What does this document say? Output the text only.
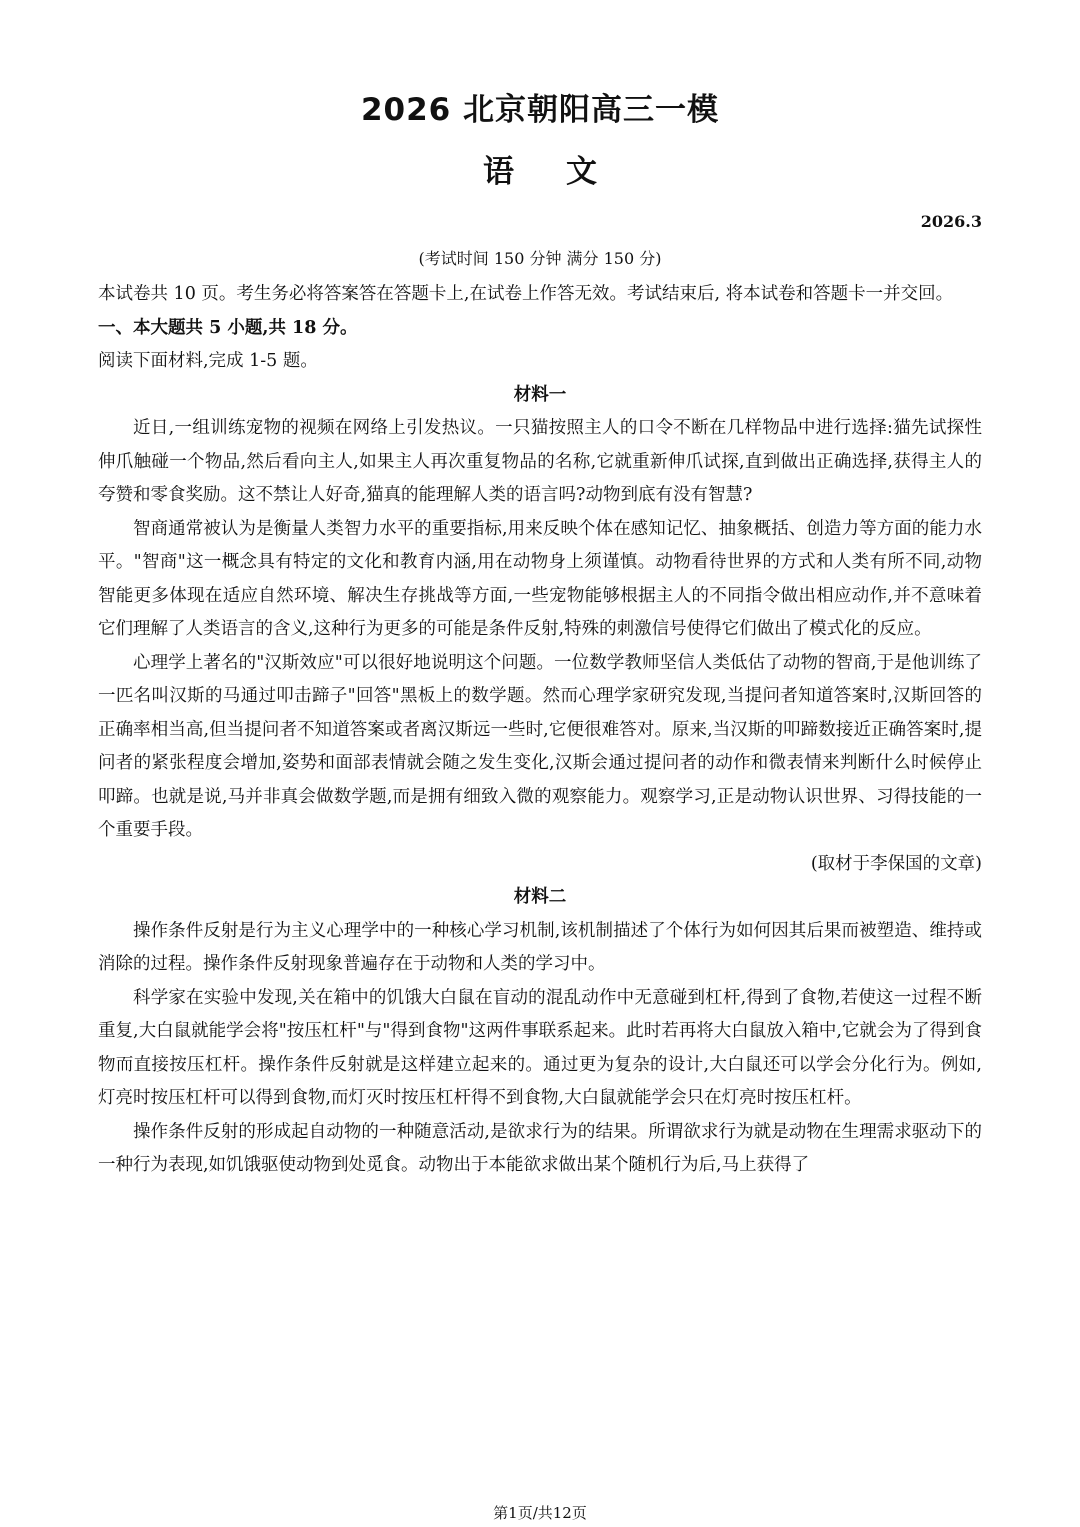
2026 北京朝阳高三一模
语文
2026.3
(考试时间 150 分钟 满分 150 分)

本试卷共 10 页。考生务必将答案答在答题卡上,在试卷上作答无效。考试结束后, 将本试卷和答题卡一并交回。

一、本大题共 5 小题,共 18 分。

阅读下面材料,完成 1-5 题。

材料一

近日,一组训练宠物的视频在网络上引发热议。一只猫按照主人的口令不断在几样物品中进行选择:猫先试探性伸爪触碰一个物品,然后看向主人,如果主人再次重复物品的名称,它就重新伸爪试探,直到做出正确选择,获得主人的夸赞和零食奖励。这不禁让人好奇,猫真的能理解人类的语言吗?动物到底有没有智慧?

智商通常被认为是衡量人类智力水平的重要指标,用来反映个体在感知记忆、抽象概括、创造力等方面的能力水平。"智商"这一概念具有特定的文化和教育内涵,用在动物身上须谨慎。动物看待世界的方式和人类有所不同,动物智能更多体现在适应自然环境、解决生存挑战等方面,一些宠物能够根据主人的不同指令做出相应动作,并不意味着它们理解了人类语言的含义,这种行为更多的可能是条件反射,特殊的刺激信号使得它们做出了模式化的反应。

心理学上著名的"汉斯效应"可以很好地说明这个问题。一位数学教师坚信人类低估了动物的智商,于是他训练了一匹名叫汉斯的马通过叩击蹄子"回答"黑板上的数学题。然而心理学家研究发现,当提问者知道答案时,汉斯回答的正确率相当高,但当提问者不知道答案或者离汉斯远一些时,它便很难答对。原来,当汉斯的叩蹄数接近正确答案时,提问者的紧张程度会增加,姿势和面部表情就会随之发生变化,汉斯会通过提问者的动作和微表情来判断什么时候停止叩蹄。也就是说,马并非真会做数学题,而是拥有细致入微的观察能力。观察学习,正是动物认识世界、习得技能的一个重要手段。

(取材于李保国的文章)

材料二

操作条件反射是行为主义心理学中的一种核心学习机制,该机制描述了个体行为如何因其后果而被塑造、维持或消除的过程。操作条件反射现象普遍存在于动物和人类的学习中。

科学家在实验中发现,关在箱中的饥饿大白鼠在盲动的混乱动作中无意碰到杠杆,得到了食物,若使这一过程不断重复,大白鼠就能学会将"按压杠杆"与"得到食物"这两件事联系起来。此时若再将大白鼠放入箱中,它就会为了得到食物而直接按压杠杆。操作条件反射就是这样建立起来的。通过更为复杂的设计,大白鼠还可以学会分化行为。例如,灯亮时按压杠杆可以得到食物,而灯灭时按压杠杆得不到食物,大白鼠就能学会只在灯亮时按压杠杆。

操作条件反射的形成起自动物的一种随意活动,是欲求行为的结果。所谓欲求行为就是动物在生理需求驱动下的一种行为表现,如饥饿驱使动物到处觅食。动物出于本能欲求做出某个随机行为后,马上获得了

第1页/共12页
